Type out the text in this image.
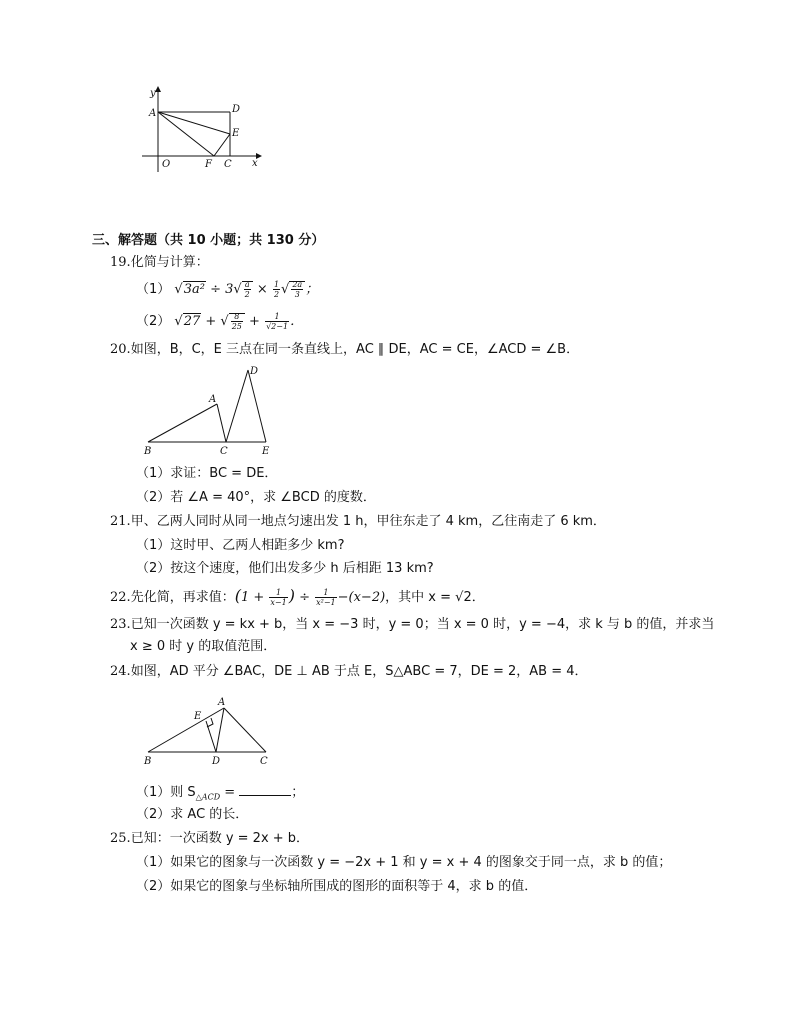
y
A	D
E
O	F C x
三、解答题（共 10 小题；共 130 分）
19.化简与计算：
（1） $√3a^2 \div 3√ \frac{a}{2} \times \frac{1}{2}$ √ $\frac{2a}{3}$ ；
（2） √27 + √ $\frac{8}{25} + \frac{1}{√2-1}$ ．
20.如图，B，C，E 三点在同一条直线上，AC ∥ DE，AC = CE，∠ACD = ∠B．
D
A
B	C	E
（1）求证：BC = DE．
（2）若 ∠A = 40°，求 ∠BCD 的度数．
21.甲、乙两人同时从同一地点匀速出发 1 h，甲往东走了 4 km，乙往南走了 6 km．
（1）这时甲、乙两人相距多少 km?
（2）按这个速度，他们出发多少 h 后相距 13 km?
22.先化简，再求值：($1 + \frac{1}{x-1}$ ) ÷ $\frac{1}{\text{x²−1}} -(x-2)$，其中 x = √2．
23.已知一次函数 y = kx + b，当 x = −3 时，y = 0；当 x = 0 时，y = −4，求 k 与 b 的值，并求当
x ≥ 0 时 y 的取值范围．
24.如图，AD 平分 ∠BAC，DE ⊥ AB 于点 E，S△ABC = 7，DE = 2，AB = 4．
A
E
B	D	C
（1）则 $S_{\triangle ACD}$ =	；
（2）求 AC 的长．
25.已知：一次函数 y = 2x + b．
（1）如果它的图象与一次函数 y = −2x + 1 和 y = x + 4 的图象交于同一点，求 b 的值；
（2）如果它的图象与坐标轴所围成的图形的面积等于 4，求 b 的值．
